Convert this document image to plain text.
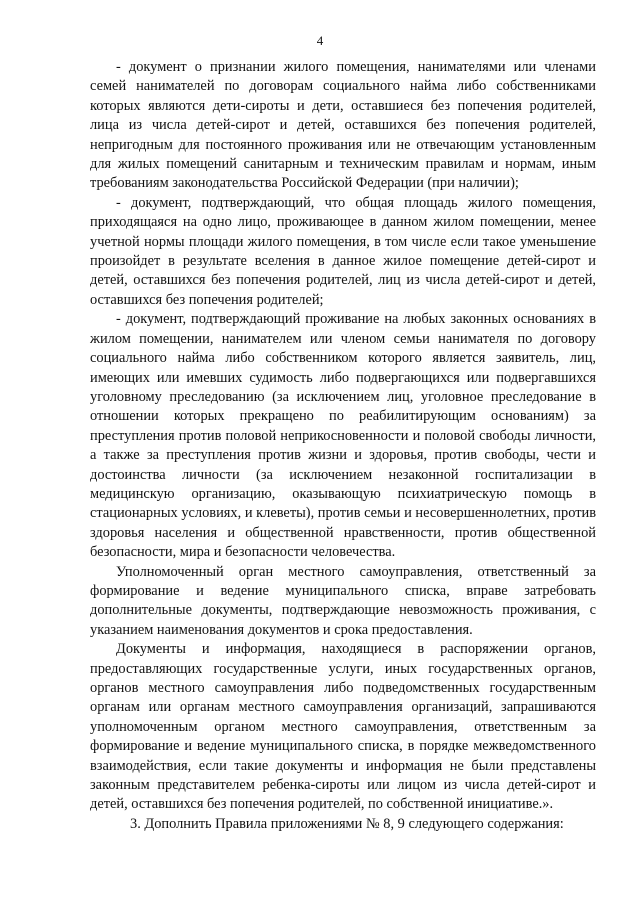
4

- документ о признании жилого помещения, нанимателями или членами семей нанимателей по договорам социального найма либо собственниками которых являются дети-сироты и дети, оставшиеся без попечения родителей, лица из числа детей-сирот и детей, оставшихся без попечения родителей, непригодным для постоянного проживания или не отвечающим установленным для жилых помещений санитарным и техническим правилам и нормам, иным требованиям законодательства Российской Федерации (при наличии);

- документ, подтверждающий, что общая площадь жилого помещения, приходящаяся на одно лицо, проживающее в данном жилом помещении, менее учетной нормы площади жилого помещения, в том числе если такое уменьшение произойдет в результате вселения в данное жилое помещение детей-сирот и детей, оставшихся без попечения родителей, лиц из числа детей-сирот и детей, оставшихся без попечения родителей;

- документ, подтверждающий проживание на любых законных основаниях в жилом помещении, нанимателем или членом семьи нанимателя по договору социального найма либо собственником которого является заявитель, лиц, имеющих или имевших судимость либо подвергающихся или подвергавшихся уголовному преследованию (за исключением лиц, уголовное преследование в отношении которых прекращено по реабилитирующим основаниям) за преступления против половой неприкосновенности и половой свободы личности, а также за преступления против жизни и здоровья, против свободы, чести и достоинства личности (за исключением незаконной госпитализации в медицинскую организацию, оказывающую психиатрическую помощь в стационарных условиях, и клеветы), против семьи и несовершеннолетних, против здоровья населения и общественной нравственности, против общественной безопасности, мира и безопасности человечества.

Уполномоченный орган местного самоуправления, ответственный за формирование и ведение муниципального списка, вправе затребовать дополнительные документы, подтверждающие невозможность проживания, с указанием наименования документов и срока предоставления.

Документы и информация, находящиеся в распоряжении органов, предоставляющих государственные услуги, иных государственных органов, органов местного самоуправления либо подведомственных государственным органам или органам местного самоуправления организаций, запрашиваются уполномоченным органом местного самоуправления, ответственным за формирование и ведение муниципального списка, в порядке межведомственного взаимодействия, если такие документы и информация не были представлены законным представителем ребенка-сироты или лицом из числа детей-сирот и детей, оставшихся без попечения родителей, по собственной инициативе.».

3. Дополнить Правила приложениями № 8, 9 следующего содержания:
